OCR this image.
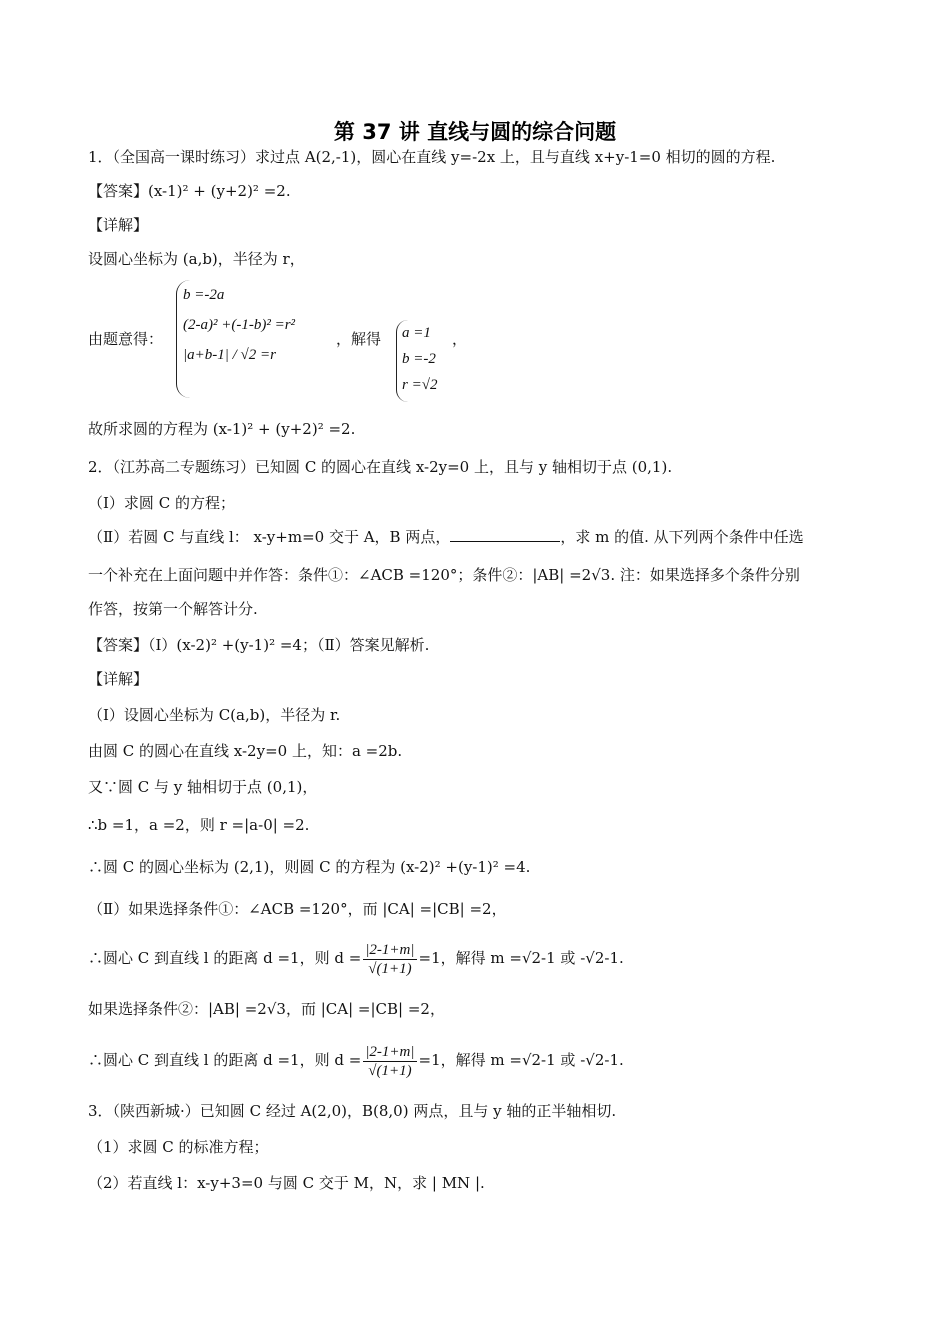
第 37 讲 直线与圆的综合问题
1．（全国高一课时练习）求过点 A(2,-1)，圆心在直线 y=-2x 上，且与直线 x+y-1=0 相切的圆的方程.
【答案】(x-1)² + (y+2)² =2.
【详解】
设圆心坐标为 (a,b)，半径为 r，
由题意得：
b =-2a
(2-a)² +(-1-b)² =r²
|a+b-1| / √2 =r
，解得 a =1
b =-2
r =√2
，
故所求圆的方程为 (x-1)² + (y+2)² =2.
2．（江苏高二专题练习）已知圆 C 的圆心在直线 x-2y=0 上，且与 y 轴相切于点 (0,1).
（Ⅰ）求圆 C 的方程；
（Ⅱ）若圆 C 与直线 l： x-y+m=0 交于 A，B 两点，	，求 m 的值. 从下列两个条件中任选
一个补充在上面问题中并作答：条件①：∠ACB =120°；条件②：|AB| =2√3. 注：如果选择多个条件分别
作答，按第一个解答计分.
【答案】（Ⅰ）(x-2)² +(y-1)² =4；（Ⅱ）答案见解析.
【详解】
（Ⅰ）设圆心坐标为 C(a,b)，半径为 r.
由圆 C 的圆心在直线 x-2y=0 上，知：a =2b.
又∵圆 C 与 y 轴相切于点 (0,1)，
∴b =1，a =2，则 r =|a-0| =2.
∴圆 C 的圆心坐标为 (2,1)，则圆 C 的方程为 (x-2)² +(y-1)² =4.
（Ⅱ）如果选择条件①：∠ACB =120°，而 |CA| =|CB| =2，
∴圆心 C 到直线 l 的距离 d =1，则 $d = \frac{|2-1+m|}{√(1+1)} =1$，解得 m =√2-1 或 -√2-1.
如果选择条件②：|AB| =2√3，而 |CA| =|CB| =2，
∴圆心 C 到直线 l 的距离 d =1，则 $d = \frac{|2-1+m|}{√(1+1)} =1$，解得 m =√2-1 或 -√2-1.
3．（陕西新城·）已知圆 C 经过 A(2,0)，B(8,0) 两点，且与 y 轴的正半轴相切.
（1）求圆 C 的标准方程；
（2）若直线 l：x-y+3=0 与圆 C 交于 M，N，求 | MN |.
